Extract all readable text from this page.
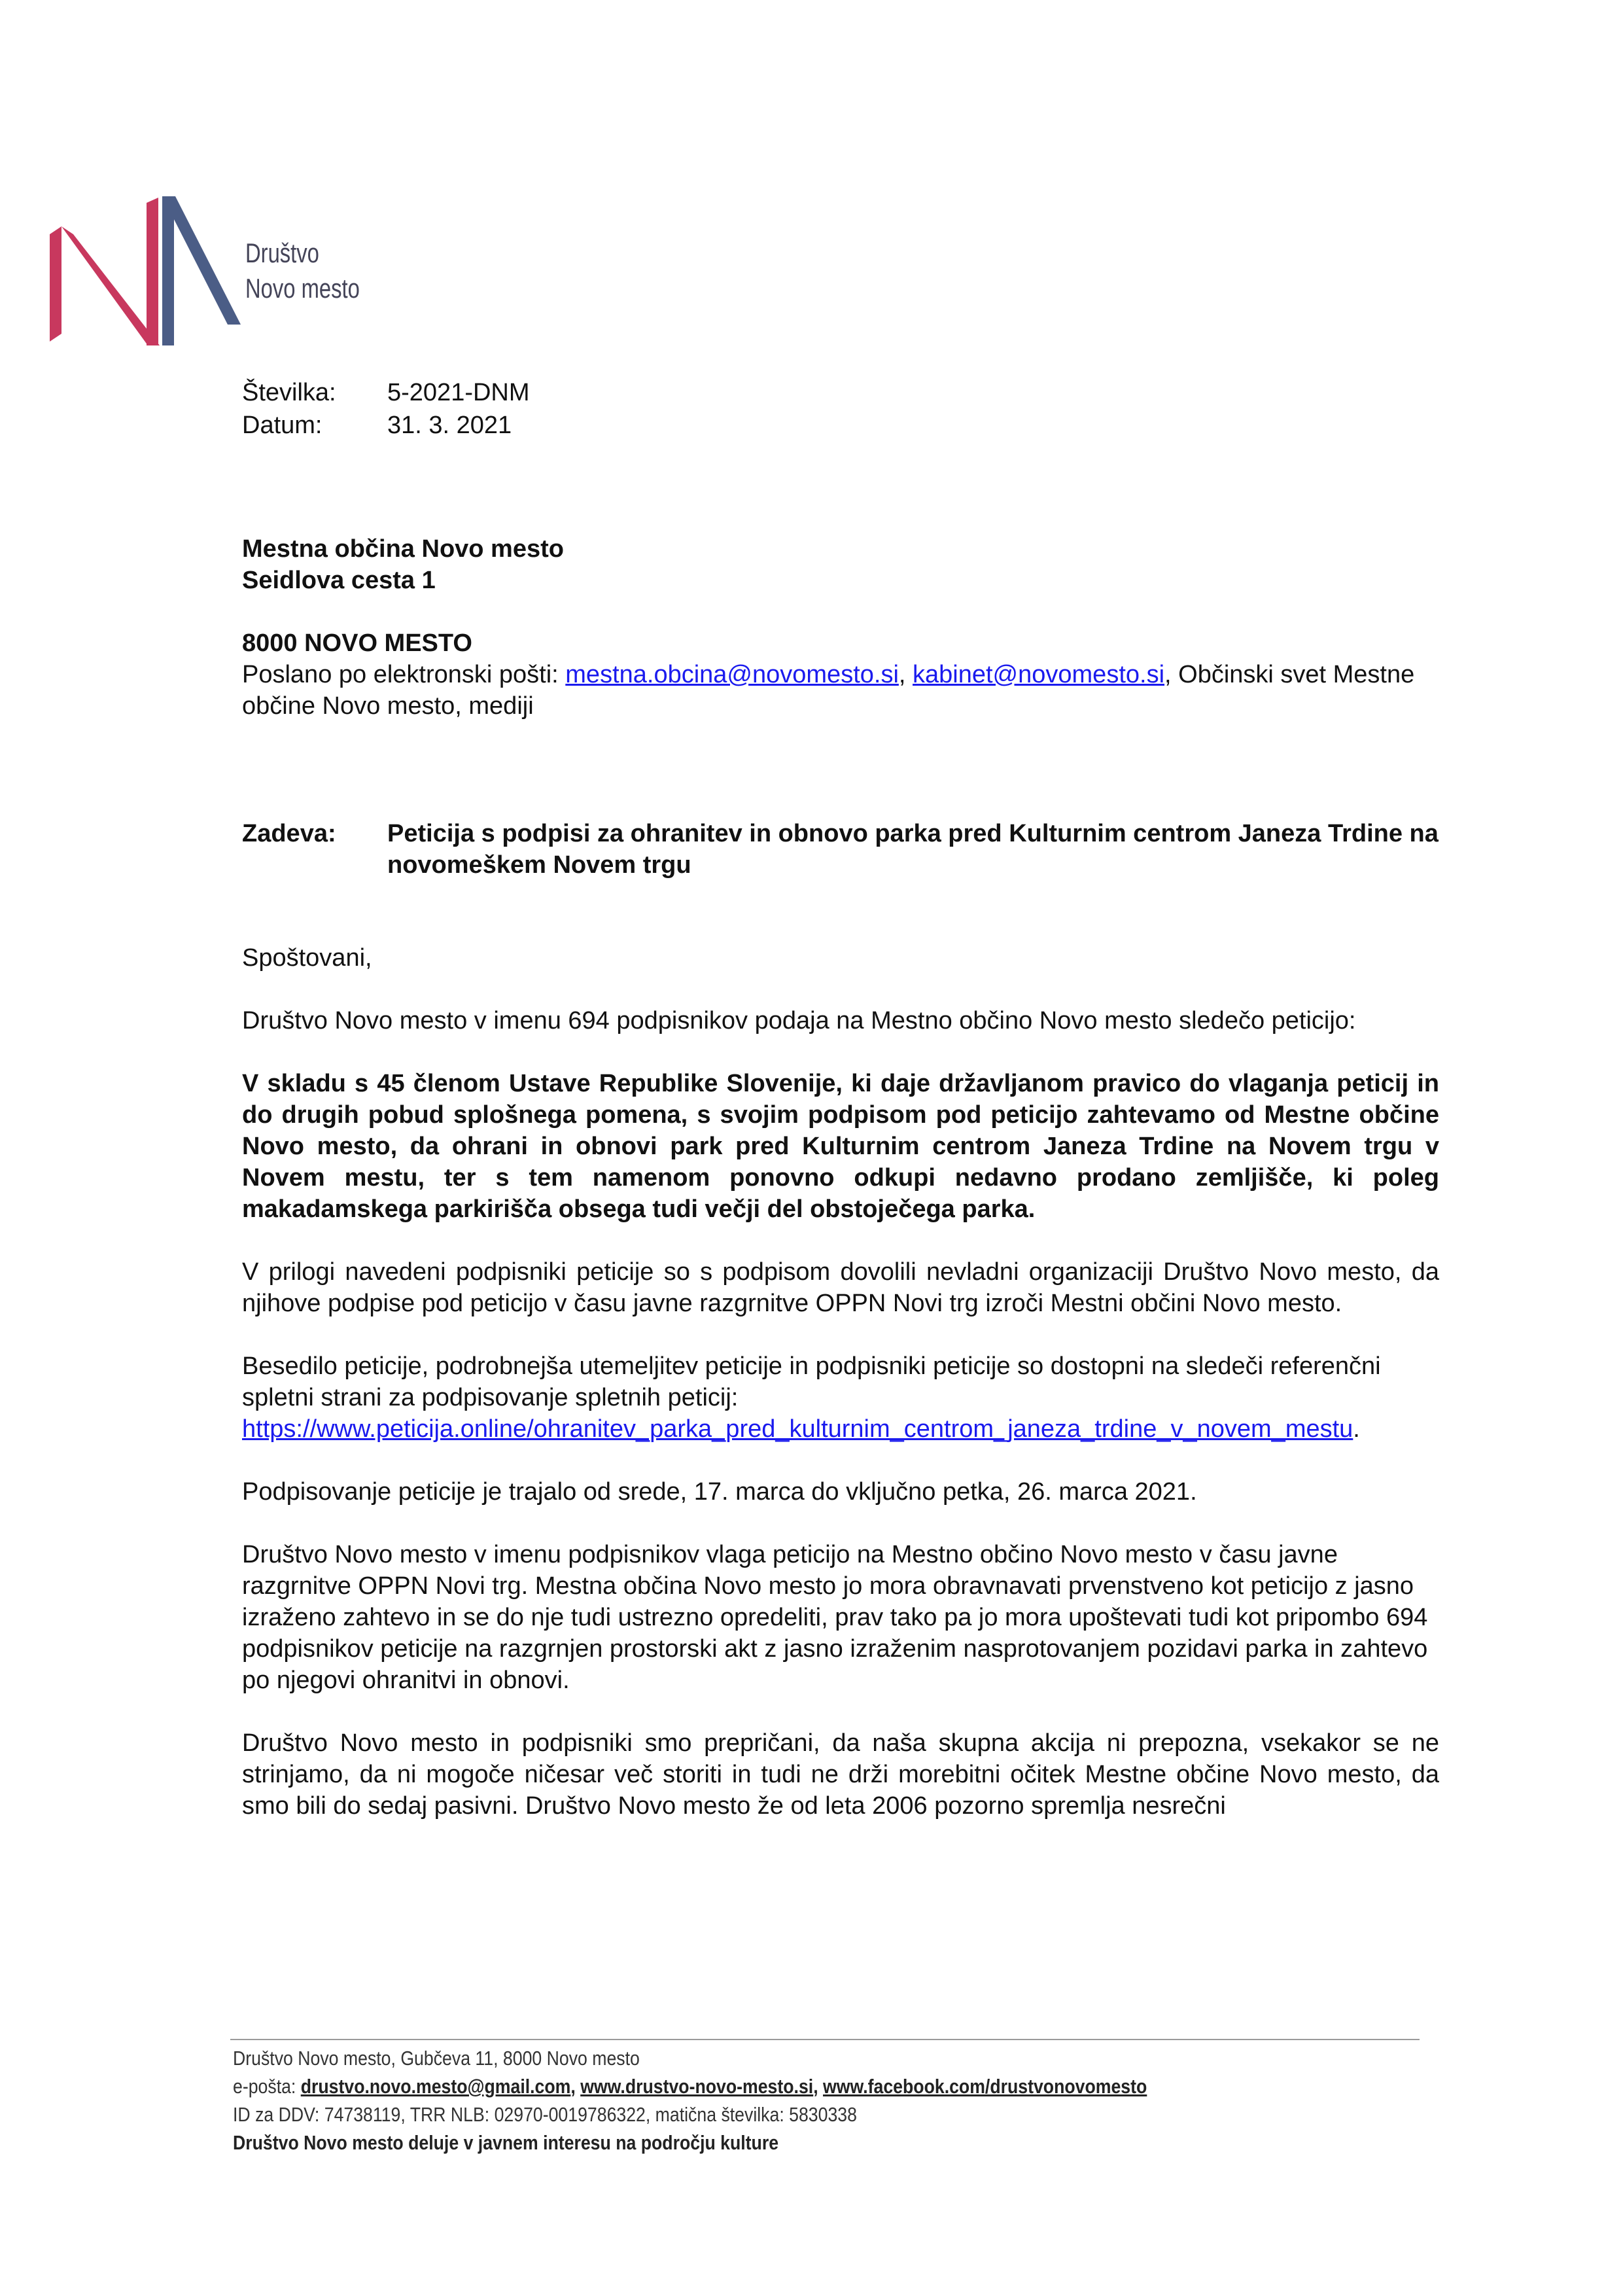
Društvo
Novo mesto
Številka:	5-2021-DNM
Datum:	31. 3. 2021
Mestna občina Novo mesto
Seidlova cesta 1
8000 NOVO MESTO
Poslano po elektronski pošti: mestna.obcina@novomesto.si, kabinet@novomesto.si, Občinski svet Mestne občine Novo mesto, mediji
Zadeva:	Peticija s podpisi za ohranitev in obnovo parka pred Kulturnim centrom Janeza Trdine na novomeškem Novem trgu

Spoštovani,

Društvo Novo mesto v imenu 694 podpisnikov podaja na Mestno občino Novo mesto sledečo peticijo:

V skladu s 45 členom Ustave Republike Slovenije, ki daje državljanom pravico do vlaganja peticij in do drugih pobud splošnega pomena, s svojim podpisom pod peticijo zahtevamo od Mestne občine Novo mesto, da ohrani in obnovi park pred Kulturnim centrom Janeza Trdine na Novem trgu v Novem mestu, ter s tem namenom ponovno odkupi nedavno prodano zemljišče, ki poleg makadamskega parkirišča obsega tudi večji del obstoječega parka.

V prilogi navedeni podpisniki peticije so s podpisom dovolili nevladni organizaciji Društvo Novo mesto, da njihove podpise pod peticijo v času javne razgrnitve OPPN Novi trg izroči Mestni občini Novo mesto.

Besedilo peticije, podrobnejša utemeljitev peticije in podpisniki peticije so dostopni na sledeči referenčni spletni strani za podpisovanje spletnih peticij:
https://www.peticija.online/ohranitev_parka_pred_kulturnim_centrom_janeza_trdine_v_novem_mestu.

Podpisovanje peticije je trajalo od srede, 17. marca do vključno petka, 26. marca 2021.

Društvo Novo mesto v imenu podpisnikov vlaga peticijo na Mestno občino Novo mesto v času javne razgrnitve OPPN Novi trg. Mestna občina Novo mesto jo mora obravnavati prvenstveno kot peticijo z jasno izraženo zahtevo in se do nje tudi ustrezno opredeliti, prav tako pa jo mora upoštevati tudi kot pripombo 694 podpisnikov peticije na razgrnjen prostorski akt z jasno izraženim nasprotovanjem pozidavi parka in zahtevo po njegovi ohranitvi in obnovi.

Društvo Novo mesto in podpisniki smo prepričani, da naša skupna akcija ni prepozna, vsekakor se ne strinjamo, da ni mogoče ničesar več storiti in tudi ne drži morebitni očitek Mestne občine Novo mesto, da smo bili do sedaj pasivni. Društvo Novo mesto že od leta 2006 pozorno spremlja nesrečni

Društvo Novo mesto, Gubčeva 11, 8000 Novo mesto
e-pošta: drustvo.novo.mesto@gmail.com, www.drustvo-novo-mesto.si, www.facebook.com/drustvonovomesto
ID za DDV: 74738119, TRR NLB: 02970-0019786322, matična številka: 5830338
Društvo Novo mesto deluje v javnem interesu na področju kulture
